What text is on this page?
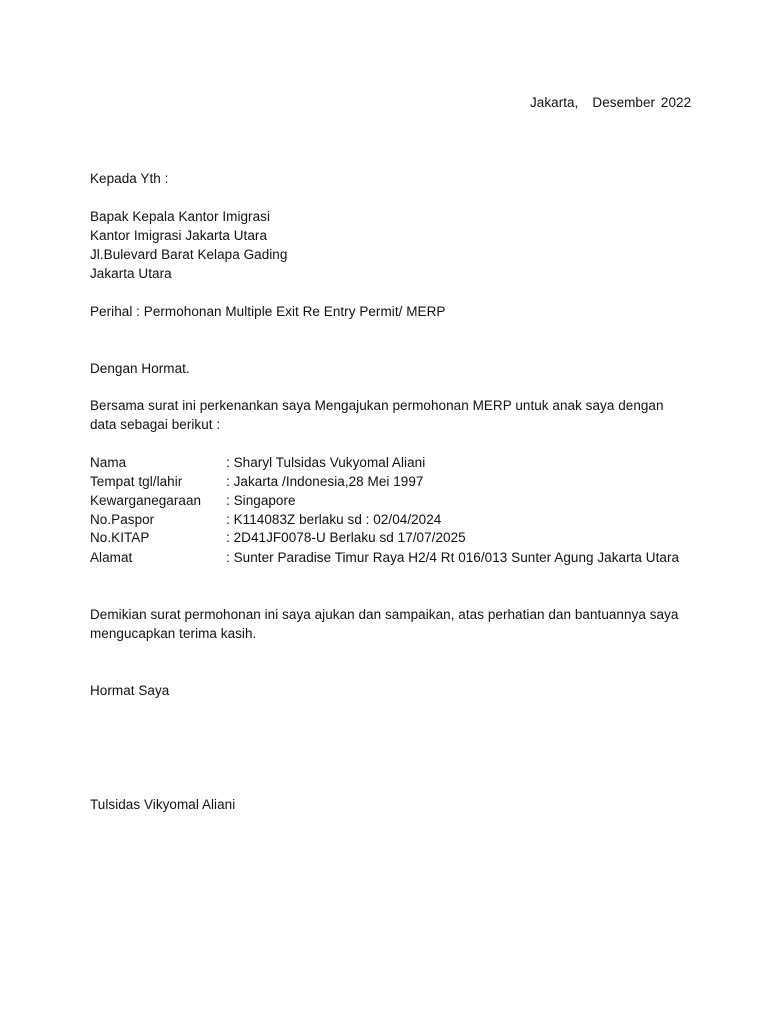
Jakarta, Desember 2022
Kepada Yth :
Bapak Kepala Kantor Imigrasi
Kantor Imigrasi Jakarta Utara
Jl.Bulevard Barat Kelapa Gading
Jakarta Utara
Perihal : Permohonan Multiple Exit Re Entry Permit/ MERP
Dengan Hormat.
Bersama surat ini perkenankan saya Mengajukan permohonan MERP untuk anak saya dengan
data sebagai berikut :
Nama	: Sharyl Tulsidas Vukyomal Aliani
Tempat tgl/lahir	: Jakarta /Indonesia,28 Mei 1997
Kewarganegaraan : Singapore
No.Paspor	: K114083Z berlaku sd : 02/04/2024
No.KITAP	: 2D41JF0078-U Berlaku sd 17/07/2025
Alamat	: Sunter Paradise Timur Raya H2/4 Rt 016/013 Sunter Agung Jakarta Utara
Demikian surat permohonan ini saya ajukan dan sampaikan, atas perhatian dan bantuannya saya
mengucapkan terima kasih.
Hormat Saya
Tulsidas Vikyomal Aliani
